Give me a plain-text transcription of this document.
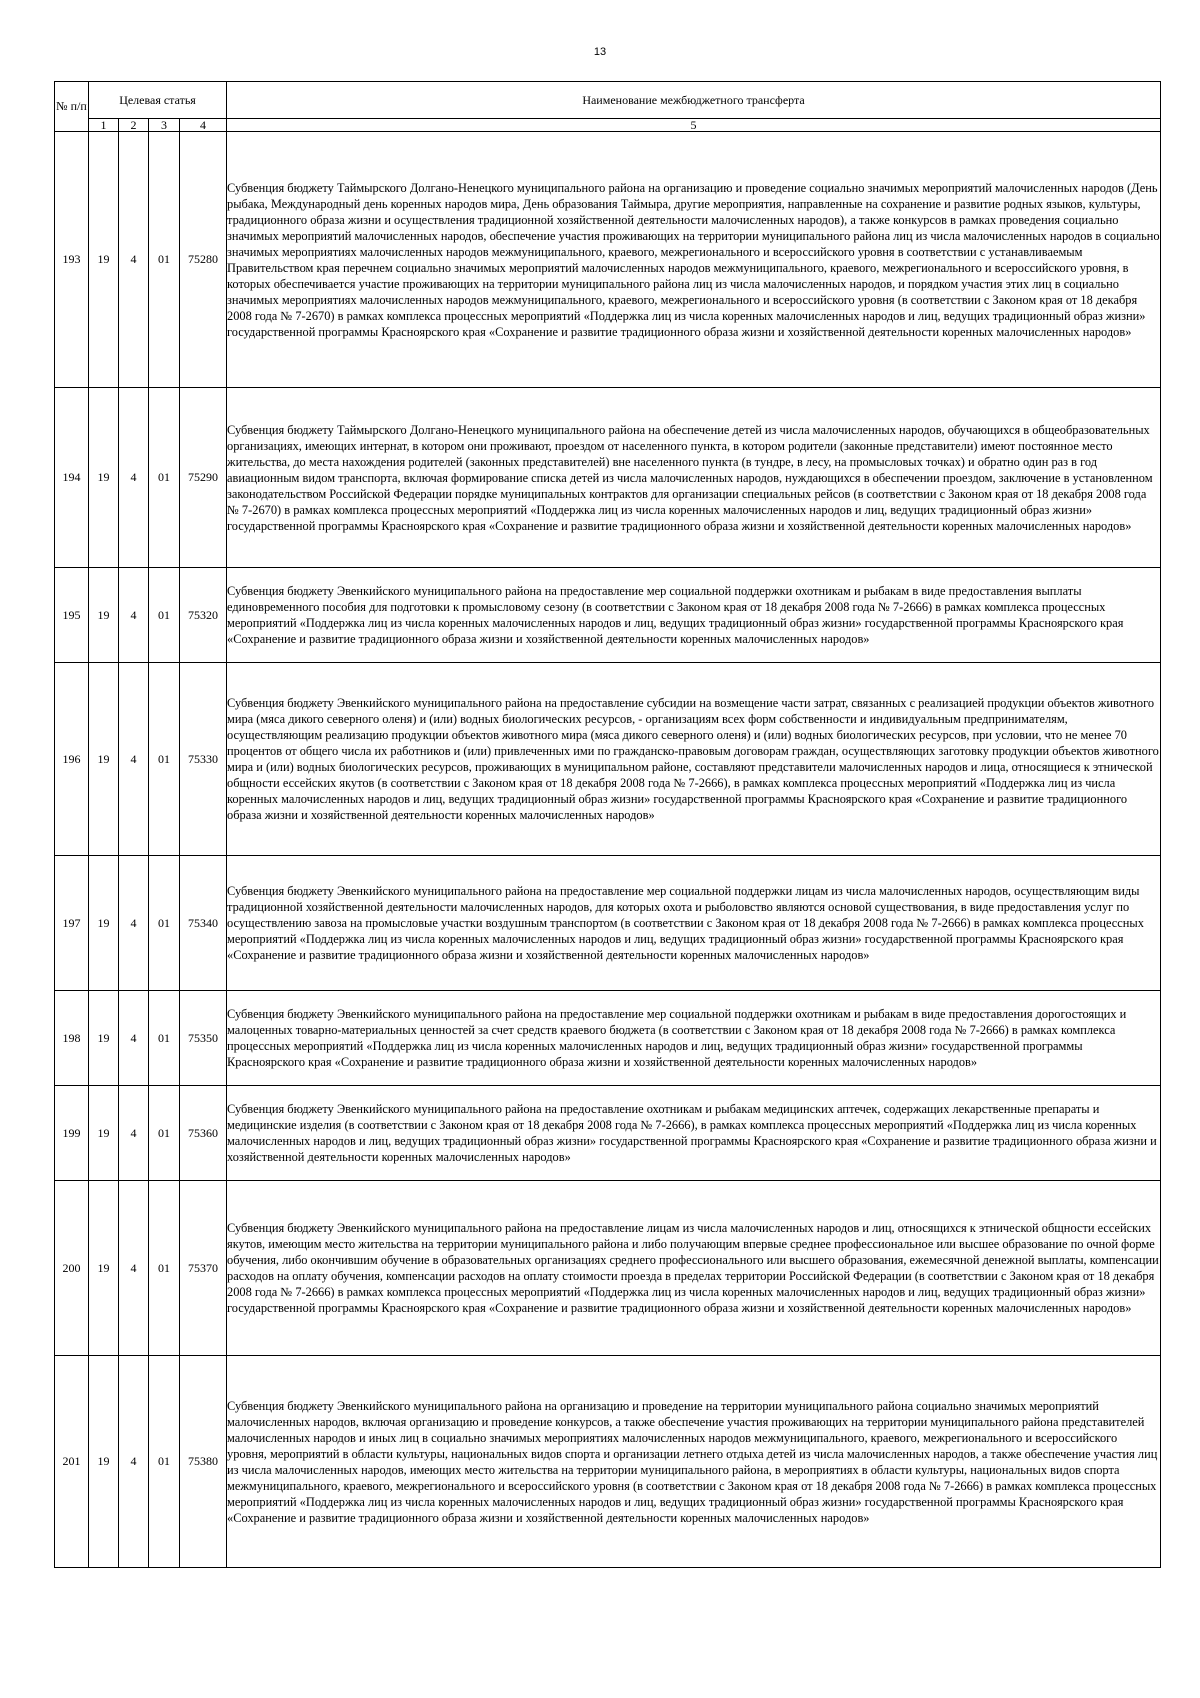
13
№ п/п	Целевая статья				Наименование межбюджетного трансферта
	1	2	3	4	5
193	19	4	01	75280	Субвенция бюджету Таймырского Долгано-Ненецкого муниципального района на организацию и проведение социально значимых мероприятий малочисленных народов (День рыбака, Международный день коренных народов мира, День образования Таймыра, другие мероприятия, направленные на сохранение и развитие родных языков, культуры, традиционного образа жизни и осуществления традиционной хозяйственной деятельности малочисленных народов), а также конкурсов в рамках проведения социально значимых мероприятий малочисленных народов, обеспечение участия проживающих на территории муниципального района лиц из числа малочисленных народов в социально значимых мероприятиях малочисленных народов межмуниципального, краевого, межрегионального и всероссийского уровня в соответствии с устанавливаемым Правительством края перечнем социально значимых мероприятий малочисленных народов межмуниципального, краевого, межрегионального и всероссийского уровня, в которых обеспечивается участие проживающих на территории муниципального района лиц из числа малочисленных народов, и порядком участия этих лиц в социально значимых мероприятиях малочисленных народов межмуниципального, краевого, межрегионального и всероссийского уровня (в соответствии с Законом края от 18 декабря 2008 года № 7-2670) в рамках комплекса процессных мероприятий «Поддержка лиц из числа коренных малочисленных народов и лиц, ведущих традиционный образ жизни» государственной программы Красноярского края «Сохранение и развитие традиционного образа жизни и хозяйственной деятельности коренных малочисленных народов»
194	19	4	01	75290	Субвенция бюджету Таймырского Долгано-Ненецкого муниципального района на обеспечение детей из числа малочисленных народов, обучающихся в общеобразовательных организациях, имеющих интернат, в котором они проживают, проездом от населенного пункта, в котором родители (законные представители) имеют постоянное место жительства, до места нахождения родителей (законных представителей) вне населенного пункта (в тундре, в лесу, на промысловых точках) и обратно один раз в год авиационным видом транспорта, включая формирование списка детей из числа малочисленных народов, нуждающихся в обеспечении проездом, заключение в установленном законодательством Российской Федерации порядке муниципальных контрактов для организации специальных рейсов (в соответствии с Законом края от 18 декабря 2008 года № 7-2670) в рамках комплекса процессных мероприятий «Поддержка лиц из числа коренных малочисленных народов и лиц, ведущих традиционный образ жизни» государственной программы Красноярского края «Сохранение и развитие традиционного образа жизни и хозяйственной деятельности коренных малочисленных народов»
195	19	4	01	75320	Субвенция бюджету Эвенкийского муниципального района на предоставление мер социальной поддержки охотникам и рыбакам в виде предоставления выплаты единовременного пособия для подготовки к промысловому сезону (в соответствии с Законом края от 18 декабря 2008 года № 7-2666) в рамках комплекса процессных мероприятий «Поддержка лиц из числа коренных малочисленных народов и лиц, ведущих традиционный образ жизни» государственной программы Красноярского края «Сохранение и развитие традиционного образа жизни и хозяйственной деятельности коренных малочисленных народов»
196	19	4	01	75330	Субвенция бюджету Эвенкийского муниципального района на предоставление субсидии на возмещение части затрат, связанных с реализацией продукции объектов животного мира (мяса дикого северного оленя) и (или) водных биологических ресурсов, - организациям всех форм собственности и индивидуальным предпринимателям, осуществляющим реализацию продукции объектов животного мира (мяса дикого северного оленя) и (или) водных биологических ресурсов, при условии, что не менее 70 процентов от общего числа их работников и (или) привлеченных ими по гражданско-правовым договорам граждан, осуществляющих заготовку продукции объектов животного мира и (или) водных биологических ресурсов, проживающих в муниципальном районе, составляют представители малочисленных народов и лица, относящиеся к этнической общности ессейских якутов (в соответствии с Законом края от 18 декабря 2008 года № 7-2666), в рамках комплекса процессных мероприятий «Поддержка лиц из числа коренных малочисленных народов и лиц, ведущих традиционный образ жизни» государственной программы Красноярского края «Сохранение и развитие традиционного образа жизни и хозяйственной деятельности коренных малочисленных народов»
197	19	4	01	75340	Субвенция бюджету Эвенкийского муниципального района на предоставление мер социальной поддержки лицам из числа малочисленных народов, осуществляющим виды традиционной хозяйственной деятельности малочисленных народов, для которых охота и рыболовство являются основой существования, в виде предоставления услуг по осуществлению завоза на промысловые участки воздушным транспортом (в соответствии с Законом края от 18 декабря 2008 года № 7-2666) в рамках комплекса процессных мероприятий «Поддержка лиц из числа коренных малочисленных народов и лиц, ведущих традиционный образ жизни» государственной программы Красноярского края «Сохранение и развитие традиционного образа жизни и хозяйственной деятельности коренных малочисленных народов»
198	19	4	01	75350	Субвенция бюджету Эвенкийского муниципального района на предоставление мер социальной поддержки охотникам и рыбакам в виде предоставления дорогостоящих и малоценных товарно-материальных ценностей за счет средств краевого бюджета (в соответствии с Законом края от 18 декабря 2008 года № 7-2666) в рамках комплекса процессных мероприятий «Поддержка лиц из числа коренных малочисленных народов и лиц, ведущих традиционный образ жизни» государственной программы Красноярского края «Сохранение и развитие традиционного образа жизни и хозяйственной деятельности коренных малочисленных народов»
199	19	4	01	75360	Субвенция бюджету Эвенкийского муниципального района на предоставление охотникам и рыбакам медицинских аптечек, содержащих лекарственные препараты и медицинские изделия (в соответствии с Законом края от 18 декабря 2008 года № 7-2666), в рамках комплекса процессных мероприятий «Поддержка лиц из числа коренных малочисленных народов и лиц, ведущих традиционный образ жизни» государственной программы Красноярского края «Сохранение и развитие традиционного образа жизни и хозяйственной деятельности коренных малочисленных народов»
200	19	4	01	75370	Субвенция бюджету Эвенкийского муниципального района на предоставление лицам из числа малочисленных народов и лиц, относящихся к этнической общности ессейских якутов, имеющим место жительства на территории муниципального района и либо получающим впервые среднее профессиональное или высшее образование по очной форме обучения, либо окончившим обучение в образовательных организациях среднего профессионального или высшего образования, ежемесячной денежной выплаты, компенсации расходов на оплату обучения, компенсации расходов на оплату стоимости проезда в пределах территории Российской Федерации (в соответствии с Законом края от 18 декабря 2008 года № 7-2666) в рамках комплекса процессных мероприятий «Поддержка лиц из числа коренных малочисленных народов и лиц, ведущих традиционный образ жизни» государственной программы Красноярского края «Сохранение и развитие традиционного образа жизни и хозяйственной деятельности коренных малочисленных народов»
201	19	4	01	75380	Субвенция бюджету Эвенкийского муниципального района на организацию и проведение на территории муниципального района социально значимых мероприятий малочисленных народов, включая организацию и проведение конкурсов, а также обеспечение участия проживающих на территории муниципального района представителей малочисленных народов и иных лиц в социально значимых мероприятиях малочисленных народов межмуниципального, краевого, межрегионального и всероссийского уровня, мероприятий в области культуры, национальных видов спорта и организации летнего отдыха детей из числа малочисленных народов, а также обеспечение участия лиц из числа малочисленных народов, имеющих место жительства на территории муниципального района, в мероприятиях в области культуры, национальных видов спорта межмуниципального, краевого, межрегионального и всероссийского уровня (в соответствии с Законом края от 18 декабря 2008 года № 7-2666) в рамках комплекса процессных мероприятий «Поддержка лиц из числа коренных малочисленных народов и лиц, ведущих традиционный образ жизни» государственной программы Красноярского края «Сохранение и развитие традиционного образа жизни и хозяйственной деятельности коренных малочисленных народов»
